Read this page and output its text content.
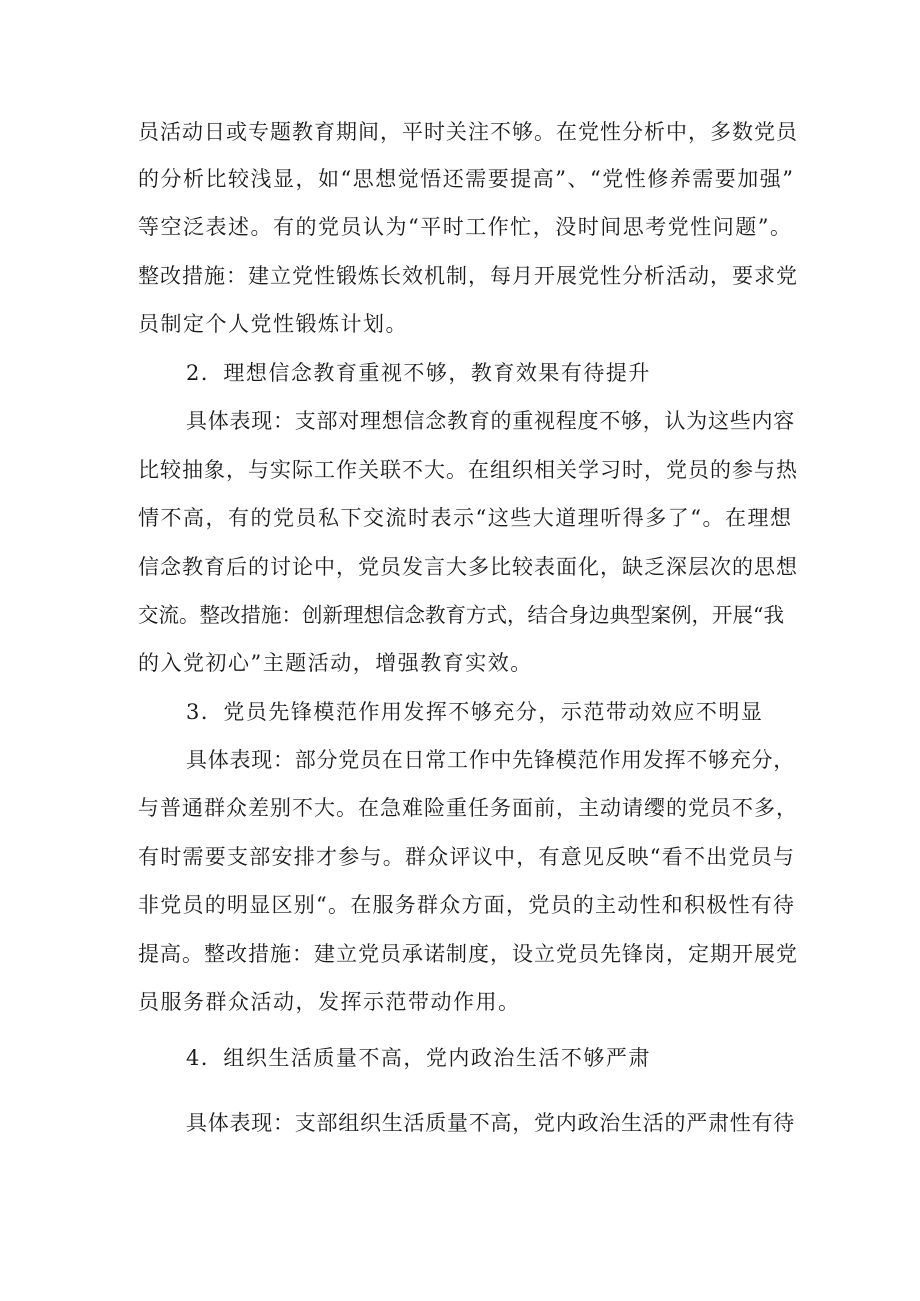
员活动日或专题教育期间，平时关注不够。在党性分析中，多数党员
的分析比较浅显，如“思想觉悟还需要提高”、“党性修养需要加强”
等空泛表述。有的党员认为“平时工作忙，没时间思考党性问题”。
整改措施：建立党性锻炼长效机制，每月开展党性分析活动，要求党
员制定个人党性锻炼计划。
2．理想信念教育重视不够，教育效果有待提升
具体表现：支部对理想信念教育的重视程度不够，认为这些内容
比较抽象，与实际工作关联不大。在组织相关学习时，党员的参与热
情不高，有的党员私下交流时表示“这些大道理听得多了“。在理想
信念教育后的讨论中，党员发言大多比较表面化，缺乏深层次的思想
交流。整改措施：创新理想信念教育方式，结合身边典型案例，开展“我
的入党初心”主题活动，增强教育实效。
3．党员先锋模范作用发挥不够充分，示范带动效应不明显
具体表现：部分党员在日常工作中先锋模范作用发挥不够充分，
与普通群众差别不大。在急难险重任务面前，主动请缨的党员不多，
有时需要支部安排才参与。群众评议中，有意见反映“看不出党员与
非党员的明显区别“。在服务群众方面，党员的主动性和积极性有待
提高。整改措施：建立党员承诺制度，设立党员先锋岗，定期开展党
员服务群众活动，发挥示范带动作用。
4．组织生活质量不高，党内政治生活不够严肃
具体表现：支部组织生活质量不高，党内政治生活的严肃性有待
